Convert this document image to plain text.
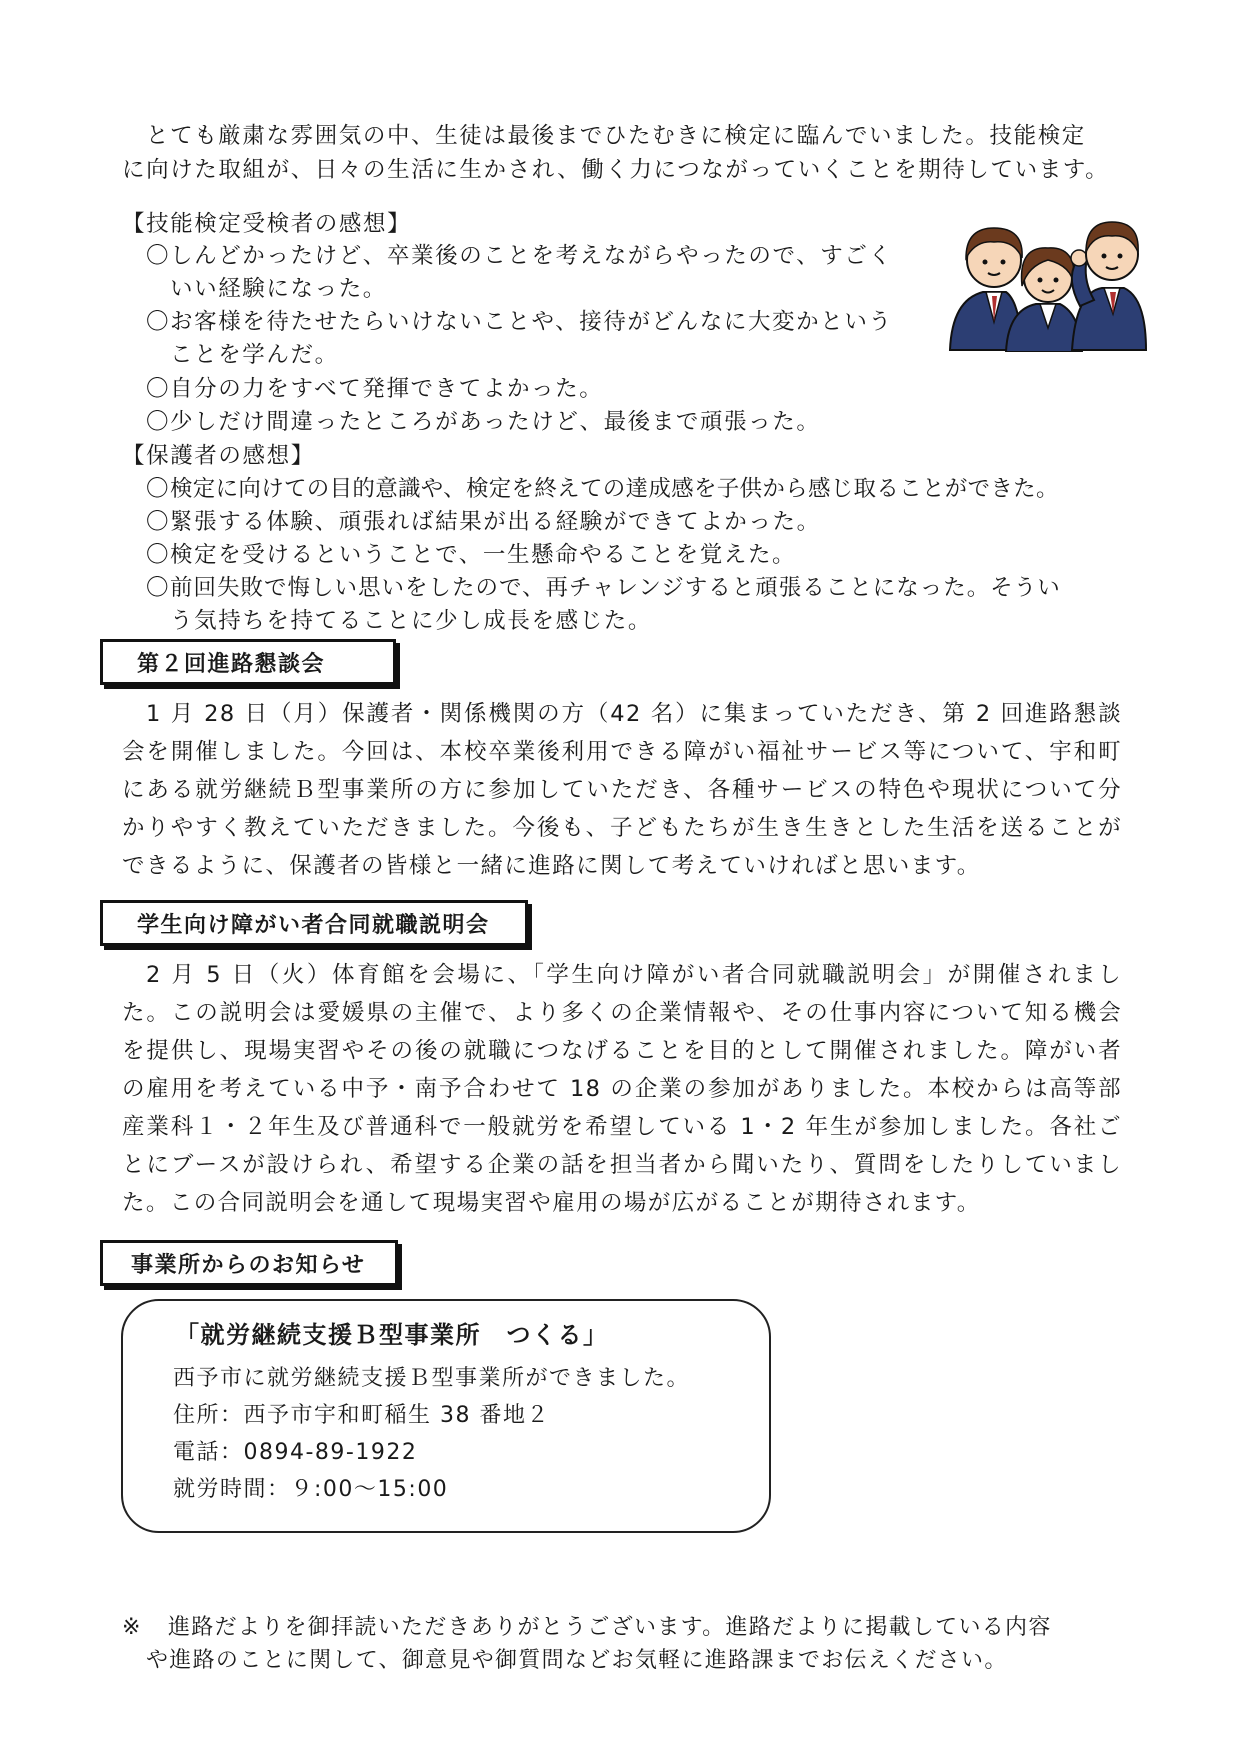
とても厳粛な雰囲気の中、生徒は最後までひたむきに検定に臨んでいました。技能検定

に向けた取組が、日々の生活に生かされ、働く力につながっていくことを期待しています。

【技能検定受検者の感想】

〇しんどかったけど、卒業後のことを考えながらやったので、すごく
いい経験になった。
〇お客様を待たせたらいけないことや、接待がどんなに大変かという
ことを学んだ。
〇自分の力をすべて発揮できてよかった。
〇少しだけ間違ったところがあったけど、最後まで頑張った。

【保護者の感想】

〇検定に向けての目的意識や、検定を終えての達成感を子供から感じ取ることができた。
〇緊張する体験、頑張れば結果が出る経験ができてよかった。
〇検定を受けるということで、一生懸命やることを覚えた。
〇前回失敗で悔しい思いをしたので、再チャレンジすると頑張ることになった。そうい
う気持ちを持てることに少し成長を感じた。
第２回進路懇談会

1 月 28 日（月）保護者・関係機関の方（42 名）に集まっていただき、第 2 回進路懇談会を開催しました。今回は、本校卒業後利用できる障がい福祉サービス等について、宇和町にある就労継続Ｂ型事業所の方に参加していただき、各種サービスの特色や現状について分かりやすく教えていただきました。今後も、子どもたちが生き生きとした生活を送ることができるように、保護者の皆様と一緒に進路に関して考えていければと思います。

学生向け障がい者合同就職説明会

2 月 5 日（火）体育館を会場に、「学生向け障がい者合同就職説明会」が開催されました。この説明会は愛媛県の主催で、より多くの企業情報や、その仕事内容について知る機会を提供し、現場実習やその後の就職につなげることを目的として開催されました。障がい者の雇用を考えている中予・南予合わせて 18 の企業の参加がありました。本校からは高等部産業科１・２年生及び普通科で一般就労を希望している 1・2 年生が参加しました。各社ごとにブースが設けられ、希望する企業の話を担当者から聞いたり、質問をしたりしていました。この合同説明会を通して現場実習や雇用の場が広がることが期待されます。

事業所からのお知らせ
「就労継続支援Ｂ型事業所　つくる」
西予市に就労継続支援Ｂ型事業所ができました。
住所：西予市宇和町稲生 38 番地２
電話：0894-89-1922
就労時間：９:00～15:00
※ 進路だよりを御拝読いただきありがとうございます。進路だよりに掲載している内容
や進路のことに関して、御意見や御質問などお気軽に進路課までお伝えください。
